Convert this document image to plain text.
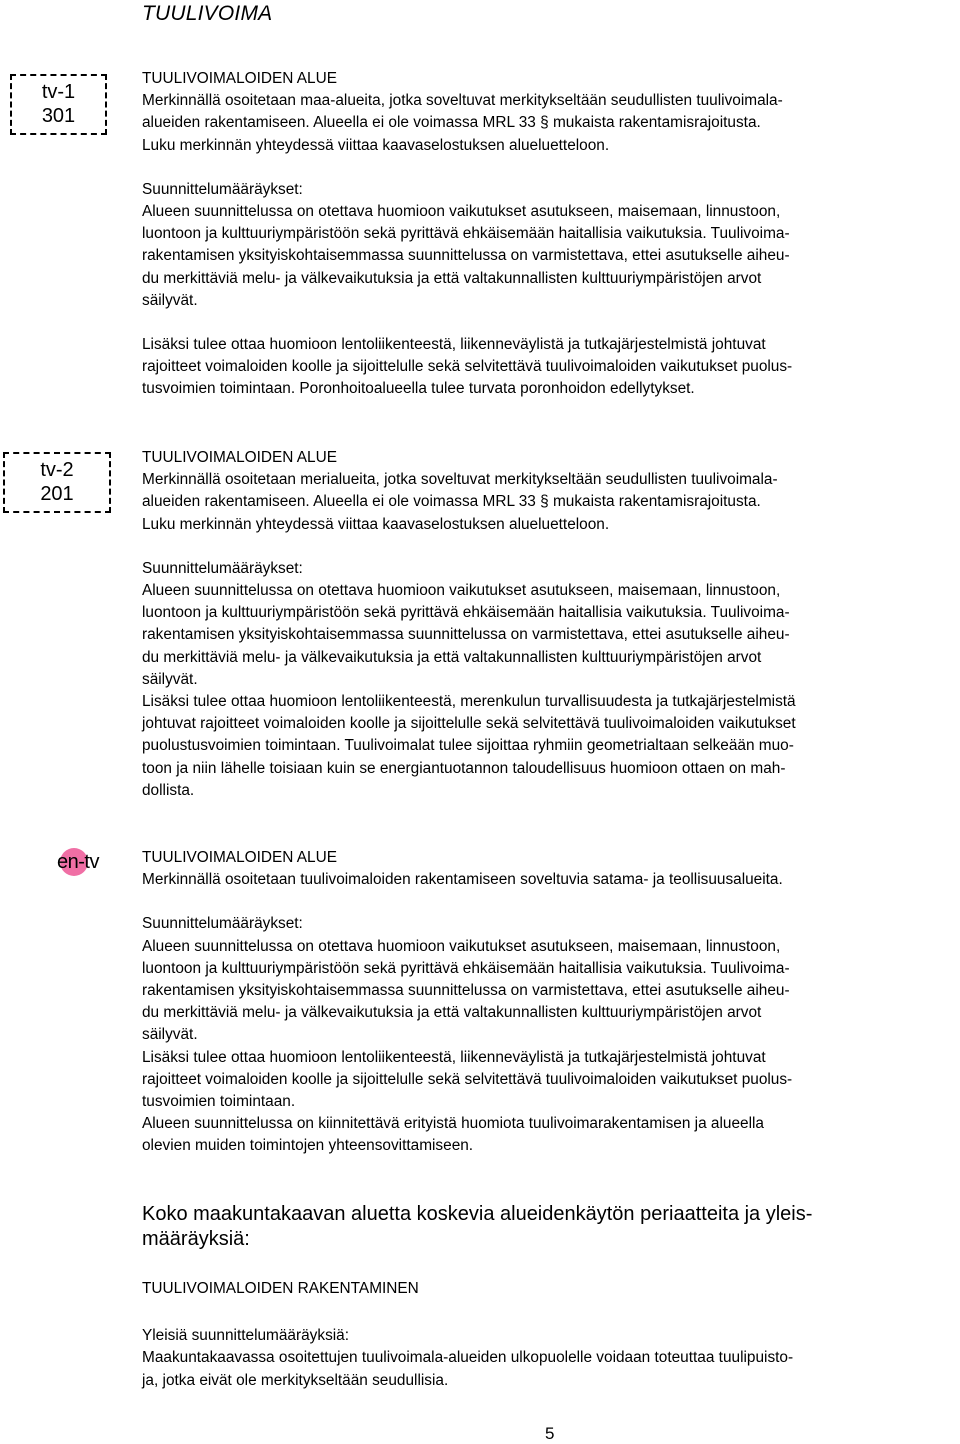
TUULIVOIMA
tv-1
301

TUULIVOIMALOIDEN ALUE

Merkinnällä osoitetaan maa-alueita, jotka soveltuvat merkitykseltään seudullisten tuulivoimala-

alueiden rakentamiseen. Alueella ei ole voimassa MRL 33 § mukaista rakentamisrajoitusta.

Luku merkinnän yhteydessä viittaa kaavaselostuksen alueluetteloon.

Suunnittelumääräykset:

Alueen suunnittelussa on otettava huomioon vaikutukset asutukseen, maisemaan, linnustoon,

luontoon ja kulttuuriympäristöön sekä pyrittävä ehkäisemään haitallisia vaikutuksia. Tuulivoima-

rakentamisen yksityiskohtaisemmassa suunnittelussa on varmistettava, ettei asutukselle aiheu-

du merkittäviä melu- ja välkevaikutuksia ja että valtakunnallisten kulttuuriympäristöjen arvot

säilyvät.

Lisäksi tulee ottaa huomioon lentoliikenteestä, liikenneväylistä ja tutkajärjestelmistä johtuvat

rajoitteet voimaloiden koolle ja sijoittelulle sekä selvitettävä tuulivoimaloiden vaikutukset puolus-

tusvoimien toimintaan. Poronhoitoalueella tulee turvata poronhoidon edellytykset.

tv-2
201

TUULIVOIMALOIDEN ALUE

Merkinnällä osoitetaan merialueita, jotka soveltuvat merkitykseltään seudullisten tuulivoimala-

alueiden rakentamiseen. Alueella ei ole voimassa MRL 33 § mukaista rakentamisrajoitusta.

Luku merkinnän yhteydessä viittaa kaavaselostuksen alueluetteloon.

Suunnittelumääräykset:

Alueen suunnittelussa on otettava huomioon vaikutukset asutukseen, maisemaan, linnustoon,

luontoon ja kulttuuriympäristöön sekä pyrittävä ehkäisemään haitallisia vaikutuksia. Tuulivoima-

rakentamisen yksityiskohtaisemmassa suunnittelussa on varmistettava, ettei asutukselle aiheu-

du merkittäviä melu- ja välkevaikutuksia ja että valtakunnallisten kulttuuriympäristöjen arvot

säilyvät.

Lisäksi tulee ottaa huomioon lentoliikenteestä, merenkulun turvallisuudesta ja tutkajärjestelmistä

johtuvat rajoitteet voimaloiden koolle ja sijoittelulle sekä selvitettävä tuulivoimaloiden vaikutukset

puolustusvoimien toimintaan. Tuulivoimalat tulee sijoittaa ryhmiin geometrialtaan selkeään muo-

toon ja niin lähelle toisiaan kuin se energiantuotannon taloudellisuus huomioon ottaen on mah-

dollista.

en-tv	TUULIVOIMALOIDEN ALUE

Merkinnällä osoitetaan tuulivoimaloiden rakentamiseen soveltuvia satama- ja teollisuusalueita.

Suunnittelumääräykset:

Alueen suunnittelussa on otettava huomioon vaikutukset asutukseen, maisemaan, linnustoon,

luontoon ja kulttuuriympäristöön sekä pyrittävä ehkäisemään haitallisia vaikutuksia. Tuulivoima-

rakentamisen yksityiskohtaisemmassa suunnittelussa on varmistettava, ettei asutukselle aiheu-

du merkittäviä melu- ja välkevaikutuksia ja että valtakunnallisten kulttuuriympäristöjen arvot

säilyvät.

Lisäksi tulee ottaa huomioon lentoliikenteestä, liikenneväylistä ja tutkajärjestelmistä johtuvat

rajoitteet voimaloiden koolle ja sijoittelulle sekä selvitettävä tuulivoimaloiden vaikutukset puolus-

tusvoimien toimintaan.

Alueen suunnittelussa on kiinnitettävä erityistä huomiota tuulivoimarakentamisen ja alueella

olevien muiden toimintojen yhteensovittamiseen.

Koko maakuntakaavan aluetta koskevia alueidenkäytön periaatteita ja yleis-
määräyksiä:

TUULIVOIMALOIDEN RAKENTAMINEN

Yleisiä suunnittelumääräyksiä:

Maakuntakaavassa osoitettujen tuulivoimala-alueiden ulkopuolelle voidaan toteuttaa tuulipuisto-

ja, jotka eivät ole merkitykseltään seudullisia.

5
